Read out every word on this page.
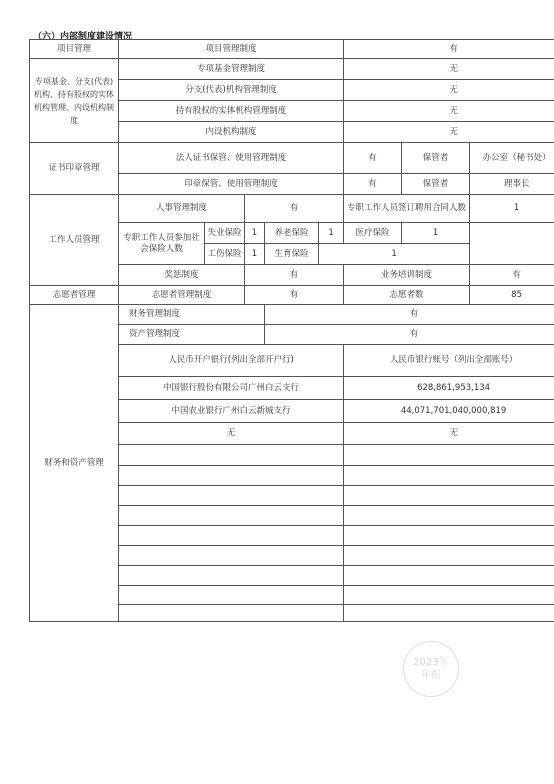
（六）内部制度建设情况
项目管理	项目管理制度					有		
专项基金、分支(代表)机构、持有股权的实体机构管理、内设机构制度	专项基金管理制度					无		
	分支(代表)机构管理制度					无		
	持有股权的实体机构管理制度					无		
	内设机构制度					无		
证书印章管理	法人证书保管、使用管理制度					有	保管者	办公室（秘书处）
	印章保管、使用管理制度					有	保管者	理事长
工作人员管理	人事管理制度		有			专职工作人员签订聘用合同人数		1
	专职工作人员参加社会保险人数	失业保险	1	养老保险	1	医疗保险	1	
		工伤保险	1	生育保险	1			
	奖惩制度		有			业务培训制度		有
志愿者管理	志愿者管理制度		有			志愿者数		85
财务和资产管理	财务管理制度			有				
	资产管理制度			有				
	人民币开户银行(列出全部开户行)					人民币银行账号（列出全部账号）		
	中国银行股份有限公司广州白云支行					628,861,953,134		
	中国农业银行广州白云新城支行					44,071,701,040,000,819		
	无					无		

2023年
年报
